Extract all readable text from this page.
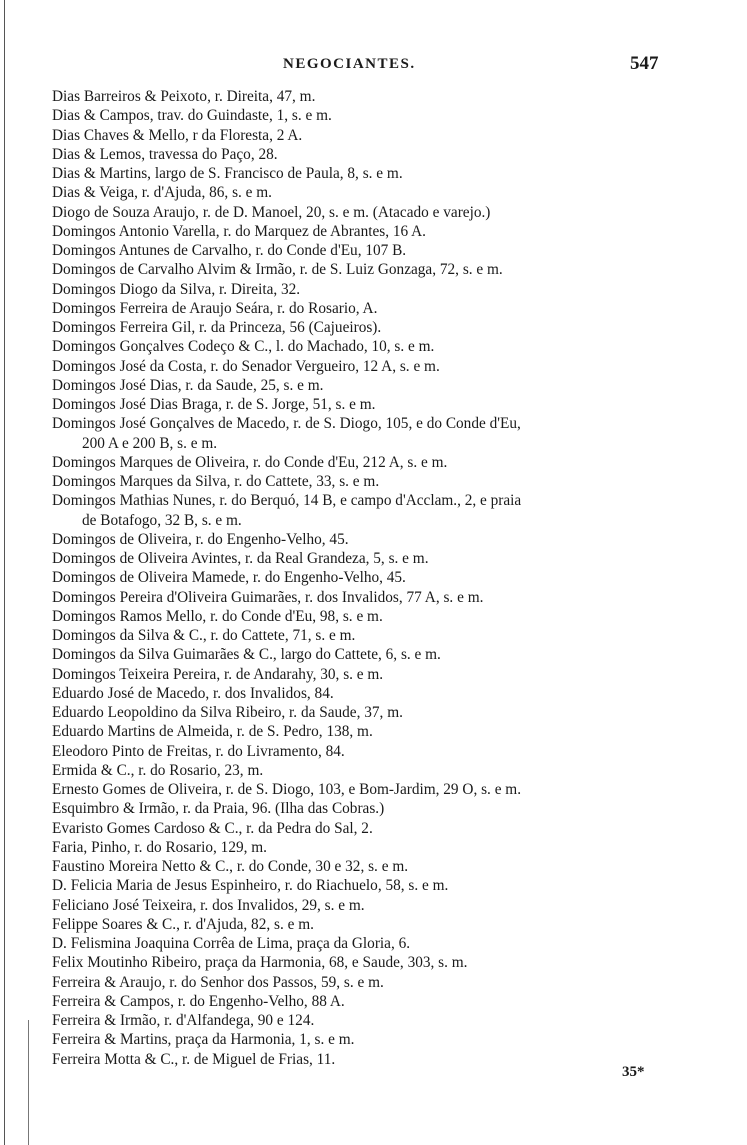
NEGOCIANTES.	547
Dias Barreiros & Peixoto, r. Direita, 47, m.
Dias & Campos, trav. do Guindaste, 1, s. e m.
Dias Chaves & Mello, r da Floresta, 2 A.
Dias & Lemos, travessa do Paço, 28.
Dias & Martins, largo de S. Francisco de Paula, 8, s. e m.
Dias & Veiga, r. d'Ajuda, 86, s. e m.
Diogo de Souza Araujo, r. de D. Manoel, 20, s. e m. (Atacado e varejo.)
Domingos Antonio Varella, r. do Marquez de Abrantes, 16 A.
Domingos Antunes de Carvalho, r. do Conde d'Eu, 107 B.
Domingos de Carvalho Alvim & Irmão, r. de S. Luiz Gonzaga, 72, s. e m.
Domingos Diogo da Silva, r. Direita, 32.
Domingos Ferreira de Araujo Seára, r. do Rosario, A.
Domingos Ferreira Gil, r. da Princeza, 56 (Cajueiros).
Domingos Gonçalves Codeço & C., l. do Machado, 10, s. e m.
Domingos José da Costa, r. do Senador Vergueiro, 12 A, s. e m.
Domingos José Dias, r. da Saude, 25, s. e m.
Domingos José Dias Braga, r. de S. Jorge, 51, s. e m.
Domingos José Gonçalves de Macedo, r. de S. Diogo, 105, e do Conde d'Eu,
200 A e 200 B, s. e m.
Domingos Marques de Oliveira, r. do Conde d'Eu, 212 A, s. e m.
Domingos Marques da Silva, r. do Cattete, 33, s. e m.
Domingos Mathias Nunes, r. do Berquó, 14 B, e campo d'Acclam., 2, e praia
de Botafogo, 32 B, s. e m.
Domingos de Oliveira, r. do Engenho-Velho, 45.
Domingos de Oliveira Avintes, r. da Real Grandeza, 5, s. e m.
Domingos de Oliveira Mamede, r. do Engenho-Velho, 45.
Domingos Pereira d'Oliveira Guimarães, r. dos Invalidos, 77 A, s. e m.
Domingos Ramos Mello, r. do Conde d'Eu, 98, s. e m.
Domingos da Silva & C., r. do Cattete, 71, s. e m.
Domingos da Silva Guimarães & C., largo do Cattete, 6, s. e m.
Domingos Teixeira Pereira, r. de Andarahy, 30, s. e m.
Eduardo José de Macedo, r. dos Invalidos, 84.
Eduardo Leopoldino da Silva Ribeiro, r. da Saude, 37, m.
Eduardo Martins de Almeida, r. de S. Pedro, 138, m.
Eleodoro Pinto de Freitas, r. do Livramento, 84.
Ermida & C., r. do Rosario, 23, m.
Ernesto Gomes de Oliveira, r. de S. Diogo, 103, e Bom-Jardim, 29 O, s. e m.
Esquimbro & Irmão, r. da Praia, 96. (Ilha das Cobras.)
Evaristo Gomes Cardoso & C., r. da Pedra do Sal, 2.
Faria, Pinho, r. do Rosario, 129, m.
Faustino Moreira Netto & C., r. do Conde, 30 e 32, s. e m.
D. Felicia Maria de Jesus Espinheiro, r. do Riachuelo, 58, s. e m.
Feliciano José Teixeira, r. dos Invalidos, 29, s. e m.
Felippe Soares & C., r. d'Ajuda, 82, s. e m.
D. Felismina Joaquina Corrêa de Lima, praça da Gloria, 6.
Felix Moutinho Ribeiro, praça da Harmonia, 68, e Saude, 303, s. m.
Ferreira & Araujo, r. do Senhor dos Passos, 59, s. e m.
Ferreira & Campos, r. do Engenho-Velho, 88 A.
Ferreira & Irmão, r. d'Alfandega, 90 e 124.
Ferreira & Martins, praça da Harmonia, 1, s. e m.
Ferreira Motta & C., r. de Miguel de Frias, 11.
35*
